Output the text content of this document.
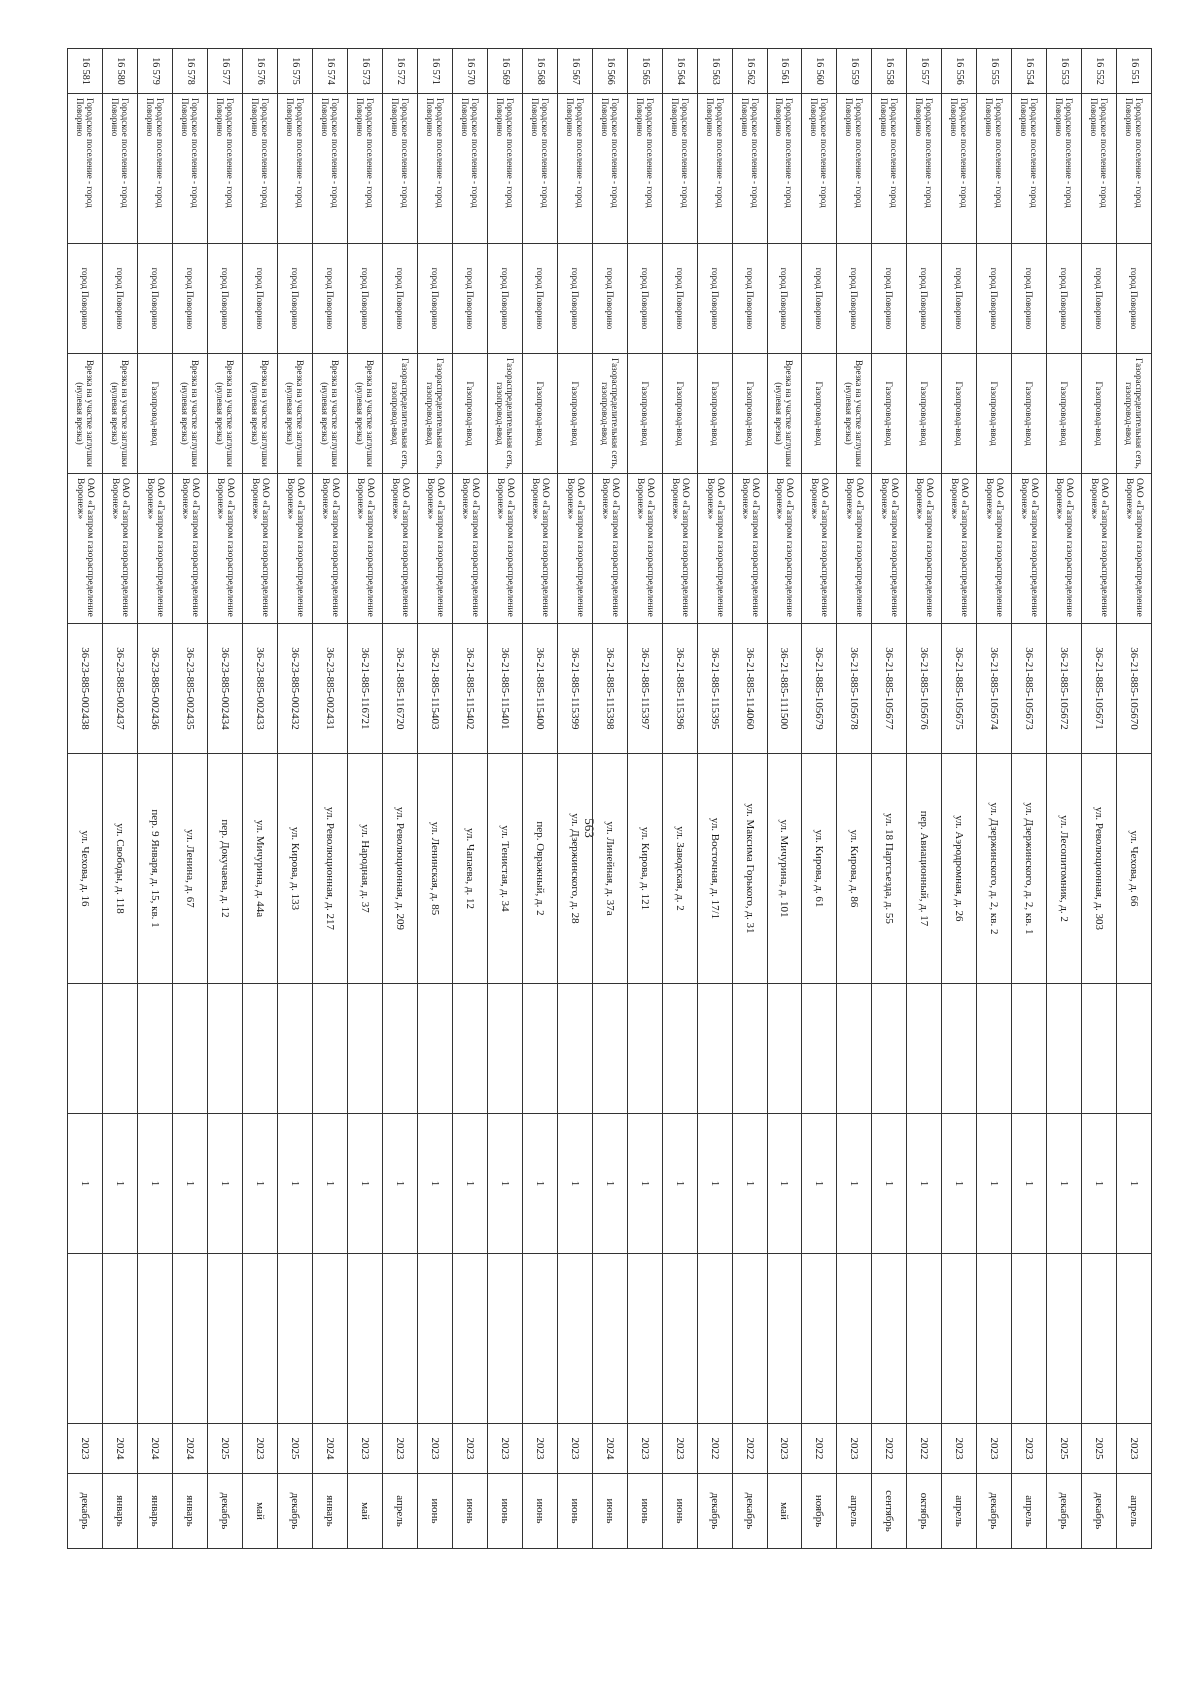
563
16 551	Городское поселение - город Поворино	город Поворино	Газораспределительная сеть, газопровод-ввод	ОАО «Газпром газораспределение Воронеж»	36-21-885-105670	ул. Чехова, д. 66		1		2023	апрель
16 552	Городское поселение - город Поворино	город Поворино	Газопровод-ввод	ОАО «Газпром газораспределение Воронеж»	36-21-885-105671	ул. Революционная, д. 303		1		2025	декабрь
16 553	Городское поселение - город Поворино	город Поворино	Газопровод-ввод	ОАО «Газпром газораспределение Воронеж»	36-21-885-105672	ул. Лесопитомник, д. 2		1		2025	декабрь
16 554	Городское поселение - город Поворино	город Поворино	Газопровод-ввод	ОАО «Газпром газораспределение Воронеж»	36-21-885-105673	ул. Дзержинского, д. 2, кв. 1		1		2023	апрель
16 555	Городское поселение - город Поворино	город Поворино	Газопровод-ввод	ОАО «Газпром газораспределение Воронеж»	36-21-885-105674	ул. Дзержинского, д. 2, кв. 2		1		2023	декабрь
16 556	Городское поселение - город Поворино	город Поворино	Газопровод-ввод	ОАО «Газпром газораспределение Воронеж»	36-21-885-105675	ул. Аэродромная, д. 26		1		2023	апрель
16 557	Городское поселение - город Поворино	город Поворино	Газопровод-ввод	ОАО «Газпром газораспределение Воронеж»	36-21-885-105676	пер. Авиационный, д. 17		1		2022	октябрь
16 558	Городское поселение - город Поворино	город Поворино	Газопровод-ввод	ОАО «Газпром газораспределение Воронеж»	36-21-885-105677	ул. 18 Партсъезда, д. 55		1		2022	сентябрь
16 559	Городское поселение - город Поворино	город Поворино	Врезка на участке заглушки (нулевая врезка)	ОАО «Газпром газораспределение Воронеж»	36-21-885-105678	ул. Кирова, д. 86		1		2023	апрель
16 560	Городское поселение - город Поворино	город Поворино	Газопровод-ввод	ОАО «Газпром газораспределение Воронеж»	36-21-885-105679	ул. Кирова, д. 61		1		2022	ноябрь
16 561	Городское поселение - город Поворино	город Поворино	Врезка на участке заглушки (нулевая врезка)	ОАО «Газпром газораспределение Воронеж»	36-21-885-111500	ул. Мичурина, д. 101		1		2023	май
16 562	Городское поселение - город Поворино	город Поворино	Газопровод-ввод	ОАО «Газпром газораспределение Воронеж»	36-21-885-114060	ул. Максима Горького, д. 31		1		2022	декабрь
16 563	Городское поселение - город Поворино	город Поворино	Газопровод-ввод	ОАО «Газпром газораспределение Воронеж»	36-21-885-115395	ул. Восточная, д. 17/1		1		2022	декабрь
16 564	Городское поселение - город Поворино	город Поворино	Газопровод-ввод	ОАО «Газпром газораспределение Воронеж»	36-21-885-115396	ул. Заводская, д. 2		1		2023	июнь
16 565	Городское поселение - город Поворино	город Поворино	Газопровод-ввод	ОАО «Газпром газораспределение Воронеж»	36-21-885-115397	ул. Кирова, д. 121		1		2023	июнь
16 566	Городское поселение - город Поворино	город Поворино	Газораспределительная сеть, газопровод-ввод	ОАО «Газпром газораспределение Воронеж»	36-21-885-115398	ул. Линейная, д. 37а		1		2024	июнь
16 567	Городское поселение - город Поворино	город Поворино	Газопровод-ввод	ОАО «Газпром газораспределение Воронеж»	36-21-885-115399	ул. Дзержинского, д. 28		1		2023	июнь
16 568	Городское поселение - город Поворино	город Поворино	Газопровод-ввод	ОАО «Газпром газораспределение Воронеж»	36-21-885-115400	пер. Овражный, д. 2		1		2023	июнь
16 569	Городское поселение - город Поворино	город Поворино	Газораспределительная сеть, газопровод-ввод	ОАО «Газпром газораспределение Воронеж»	36-21-885-115401	ул. Тенистая, д. 34		1		2023	июнь
16 570	Городское поселение - город Поворино	город Поворино	Газопровод-ввод	ОАО «Газпром газораспределение Воронеж»	36-21-885-115402	ул. Чапаева, д. 12		1		2023	июнь
16 571	Городское поселение - город Поворино	город Поворино	Газораспределительная сеть, газопровод-ввод	ОАО «Газпром газораспределение Воронеж»	36-21-885-115403	ул. Ленинская, д. 85		1		2023	июнь
16 572	Городское поселение - город Поворино	город Поворино	Газораспределительная сеть, газопровод-ввод	ОАО «Газпром газораспределение Воронеж»	36-21-885-116720	ул. Революционная, д. 209		1		2023	апрель
16 573	Городское поселение - город Поворино	город Поворино	Врезка на участке заглушки (нулевая врезка)	ОАО «Газпром газораспределение Воронеж»	36-21-885-116721	ул. Народная, д. 37		1		2023	май
16 574	Городское поселение - город Поворино	город Поворино	Врезка на участке заглушки (нулевая врезка)	ОАО «Газпром газораспределение Воронеж»	36-23-885-002431	ул. Революционная, д. 217		1		2024	январь
16 575	Городское поселение - город Поворино	город Поворино	Врезка на участке заглушки (нулевая врезка)	ОАО «Газпром газораспределение Воронеж»	36-23-885-002432	ул. Кирова, д. 133		1		2025	декабрь
16 576	Городское поселение - город Поворино	город Поворино	Врезка на участке заглушки (нулевая врезка)	ОАО «Газпром газораспределение Воронеж»	36-23-885-002433	ул. Мичурина, д. 44а		1		2023	май
16 577	Городское поселение - город Поворино	город Поворино	Врезка на участке заглушки (нулевая врезка)	ОАО «Газпром газораспределение Воронеж»	36-23-885-002434	пер. Докучаева, д. 12		1		2025	декабрь
16 578	Городское поселение - город Поворино	город Поворино	Врезка на участке заглушки (нулевая врезка)	ОАО «Газпром газораспределение Воронеж»	36-23-885-002435	ул. Ленина, д. 67		1		2024	январь
16 579	Городское поселение - город Поворино	город Поворино	Газопровод-ввод	ОАО «Газпром газораспределение Воронеж»	36-23-885-002436	пер. 9 Января, д. 15, кв. 1		1		2024	январь
16 580	Городское поселение - город Поворино	город Поворино	Врезка на участке заглушки (нулевая врезка)	ОАО «Газпром газораспределение Воронеж»	36-23-885-002437	ул. Свободы, д. 118		1		2024	январь
16 581	Городское поселение - город Поворино	город Поворино	Врезка на участке заглушки (нулевая врезка)	ОАО «Газпром газораспределение Воронеж»	36-23-885-002438	ул. Чехова, д. 16		1		2023	декабрь
